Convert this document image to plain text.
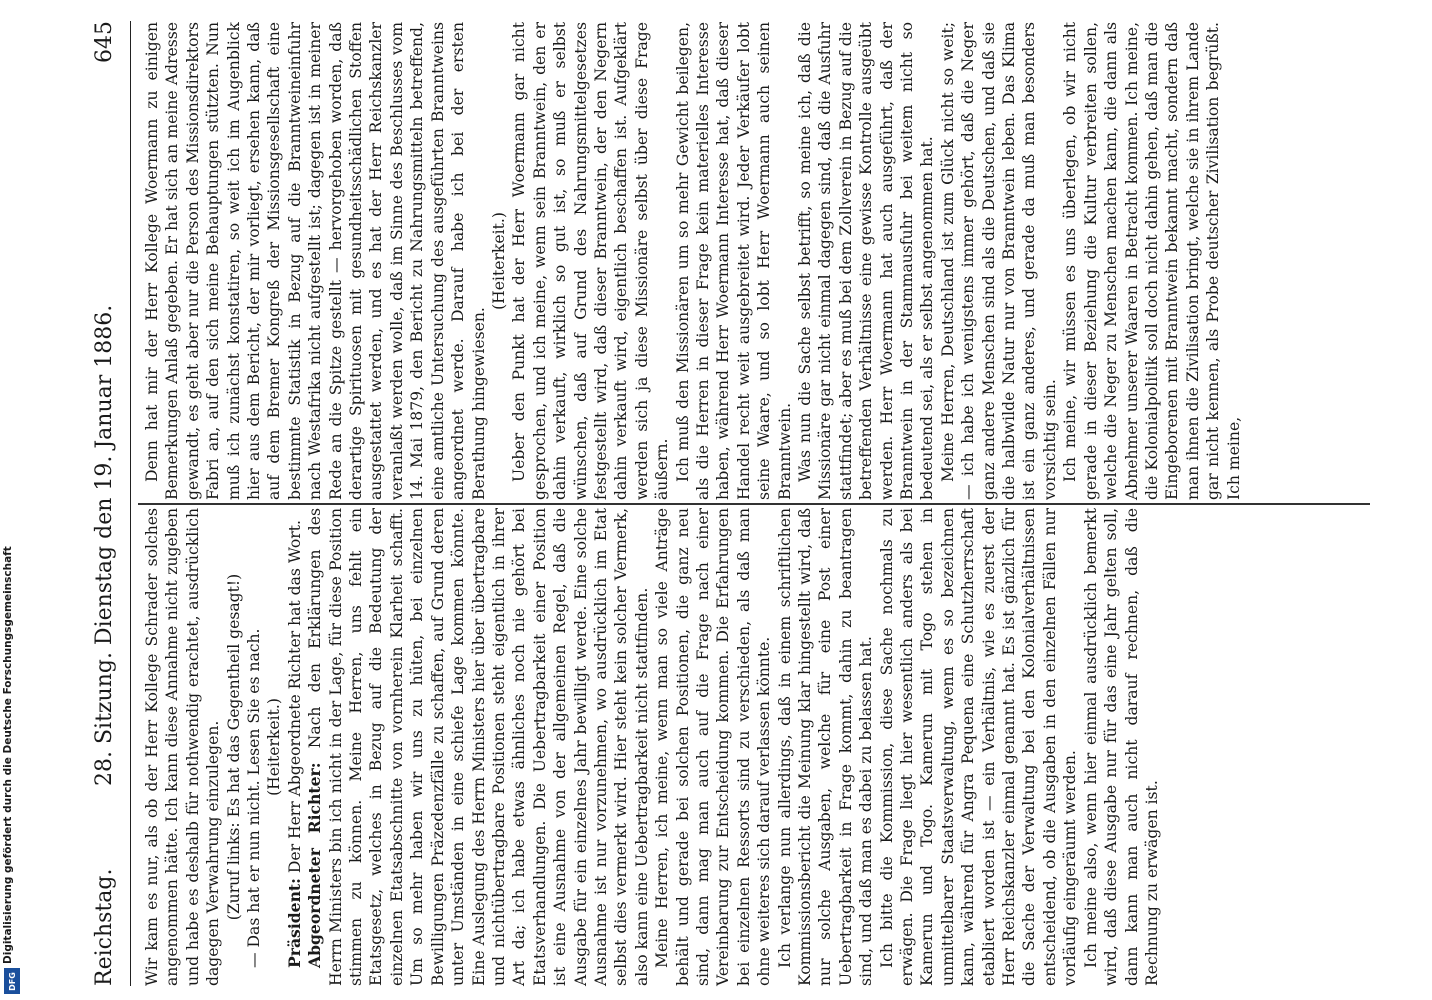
Digitalisierung gefördert durch die Deutsche Forschungsgemeinschaft
DFG	Reichstag.
28. Sitzung. Dienstag den 19. Januar 1886.
645

Wir kam es nur, als ob der Herr Kollege Schrader solches angenommen hätte. Ich kann diese Annahme nicht zugeben und habe es deshalb für nothwendig erachtet, ausdrücklich dagegen Verwahrung einzulegen. (Zuruf links: Es hat das Gegentheil gesagt!) — Das hat er nun nicht. Lesen Sie es nach. (Heiterkeit.)

Präsident: Der Herr Abgeordnete Richter hat das Wort. Abgeordneter Richter: Nach den Erklärungen des Herrn Ministers bin ich nicht in der Lage, für diese Position stimmen zu können. Meine Herren, uns fehlt ein Etatsgesetz, welches in Bezug auf die Bedeutung der einzelnen Etatsabschnitte von vornherein Klarheit schafft. Um so mehr haben wir uns zu hüten, bei einzelnen Bewilligungen Präzedenzfälle zu schaffen, auf Grund deren unter Umständen in eine schiefe Lage kommen könnte. Eine Auslegung des Herrn Ministers hier über übertragbare und nichtübertragbare Positionen steht eigentlich in ihrer Art da; ich habe etwas ähnliches noch nie gehört bei Etatsverhandlungen. Die Uebertragbarkeit einer Position ist eine Ausnahme von der allgemeinen Regel, daß die Ausgabe für ein einzelnes Jahr bewilligt werde. Eine solche Ausnahme ist nur vorzunehmen, wo ausdrücklich im Etat selbst dies vermerkt wird. Hier steht kein solcher Vermerk, also kann eine Uebertragbarkeit nicht stattfinden. Meine Herren, ich meine, wenn man so viele Anträge behält und gerade bei solchen Positionen, die ganz neu sind, dann mag man auch auf die Frage nach einer Vereinbarung zur Entscheidung kommen. Die Erfahrungen bei einzelnen Ressorts sind zu verschieden, als daß man ohne weiteres sich darauf verlassen könnte. Ich verlange nun allerdings, daß in einem schriftlichen Kommissionsbericht die Meinung klar hingestellt wird, daß nur solche Ausgaben, welche für eine Post einer Uebertragbarkeit in Frage kommt, dahin zu beantragen sind, und daß man es dabei zu belassen hat. Ich bitte die Kommission, diese Sache nochmals zu erwägen. Die Frage liegt hier wesentlich anders als bei Kamerun und Togo. Kamerun mit Togo stehen in unmittelbarer Staatsverwaltung, wenn es so bezeichnen kann, während für Angra Pequena eine Schutzherrschaft etabliert worden ist — ein Verhältnis, wie es zuerst der Herr Reichskanzler einmal genannt hat. Es ist gänzlich für die Sache der Verwaltung bei den Kolonialverhältnissen entscheidend, ob die Ausgaben in den einzelnen Fällen nur vorläufig eingeräumt werden. Ich meine also, wenn hier einmal ausdrücklich bemerkt wird, daß diese Ausgabe nur für das eine Jahr gelten soll, dann kann man auch nicht darauf rechnen, daß die Rechnung zu erwägen ist.

Denn hat mir der Herr Kollege Woermann zu einigen Bemerkungen Anlaß gegeben. Er hat sich an meine Adresse gewandt, es geht aber nur die Person des Missionsdirektors Fabri an, auf den sich meine Behauptungen stützten. Nun muß ich zunächst konstatiren, so weit ich im Augenblick hier aus dem Bericht, der mir vorliegt, ersehen kann, daß auf dem Bremer Kongreß der Missionsgesellschaft eine bestimmte Statistik in Bezug auf die Branntweineinfuhr nach Westafrika nicht aufgestellt ist; dagegen ist in meiner Rede an die Spitze gestellt — hervorgehoben worden, daß derartige Spirituosen mit gesundheitsschädlichen Stoffen ausgestattet werden, und es hat der Herr Reichskanzler veranlaßt werden wolle, daß im Sinne des Beschlusses vom 14. Mai 1879, den Bericht zu Nahrungsmitteln betreffend, eine amtliche Untersuchung des ausgeführten Branntweins angeordnet werde. Darauf habe ich bei der ersten Berathung hingewiesen.

(Heiterkeit.) Ueber den Punkt hat der Herr Woermann gar nicht gesprochen, und ich meine, wenn sein Branntwein, den er dahin verkauft, wirklich so gut ist, so muß er selbst wünschen, daß auf Grund des Nahrungsmittelgesetzes festgestellt wird, daß dieser Branntwein, der den Negern dahin verkauft wird, eigentlich beschaffen ist. Aufgeklärt werden sich ja diese Missionäre selbst über diese Frage äußern. Ich muß den Missionären um so mehr Gewicht beilegen, als die Herren in dieser Frage kein materielles Interesse haben, während Herr Woermann Interesse hat, daß dieser Handel recht weit ausgebreitet wird. Jeder Verkäufer lobt seine Waare, und so lobt Herr Woermann auch seinen Branntwein. Was nun die Sache selbst betrifft, so meine ich, daß die Missionäre gar nicht einmal dagegen sind, daß die Ausfuhr stattfindet; aber es muß bei dem Zollverein in Bezug auf die betreffenden Verhältnisse eine gewisse Kontrolle ausgeübt werden. Herr Woermann hat auch ausgeführt, daß der Branntwein in der Stammausfuhr bei weitem nicht so bedeutend sei, als er selbst angenommen hat. Meine Herren, Deutschland ist zum Glück nicht so weit; — ich habe ich wenigstens immer gehört, daß die Neger ganz andere Menschen sind als die Deutschen, und daß sie die halbwilde Natur nur von Branntwein leben. Das Klima ist ein ganz anderes, und gerade da muß man besonders vorsichtig sein. Ich meine, wir müssen es uns überlegen, ob wir nicht gerade in dieser Beziehung die Kultur verbreiten sollen, welche die Neger zu Menschen machen kann, die dann als Abnehmer unserer Waaren in Betracht kommen. Ich meine, die Kolonialpolitik soll doch nicht dahin gehen, daß man die Eingeborenen mit Branntwein bekannt macht, sondern daß man ihnen die Zivilisation bringt, welche sie in ihrem Lande gar nicht kennen, als Probe deutscher Zivilisation begrüßt. Ich meine,
